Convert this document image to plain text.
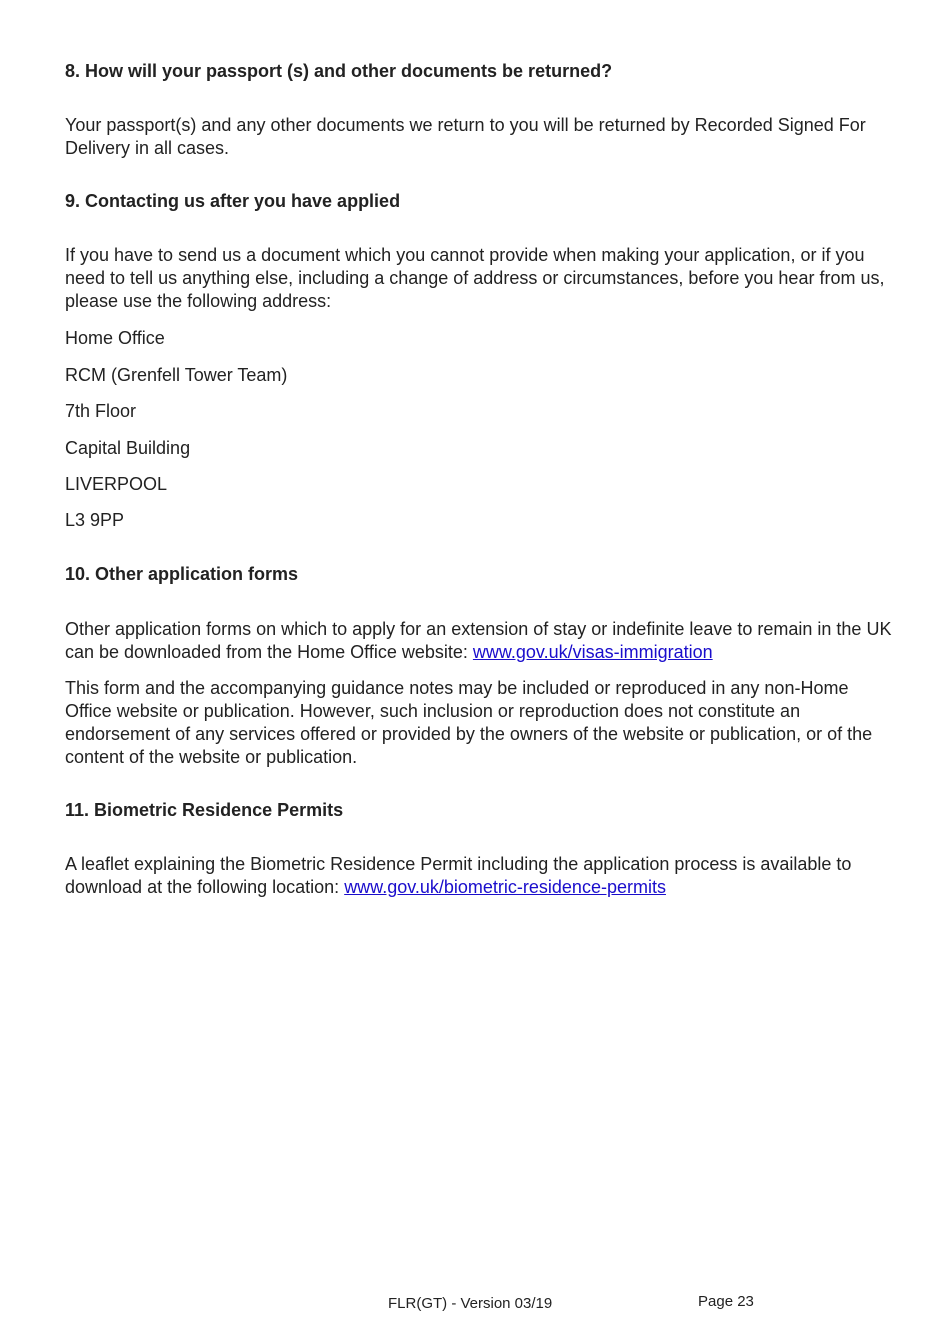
8. How will your passport (s) and other documents be returned?

Your passport(s) and any other documents we return to you will be returned by Recorded Signed For Delivery in all cases.

9. Contacting us after you have applied

If you have to send us a document which you cannot provide when making your application, or if you need to tell us anything else, including a change of address or circumstances, before you hear from us, please use the following address:

Home Office

RCM (Grenfell Tower Team)

7th Floor

Capital Building

LIVERPOOL

L3 9PP

10. Other application forms

Other application forms on which to apply for an extension of stay or indefinite leave to remain in the UK can be downloaded from the Home Office website: www.gov.uk/visas-immigration

This form and the accompanying guidance notes may be included or reproduced in any non-Home Office website or publication. However, such inclusion or reproduction does not constitute an endorsement of any services offered or provided by the owners of the website or publication, or of the content of the website or publication.

11. Biometric Residence Permits

A leaflet explaining the Biometric Residence Permit including the application process is available to download at the following location: www.gov.uk/biometric-residence-permits

FLR(GT) - Version 03/19	Page 23
